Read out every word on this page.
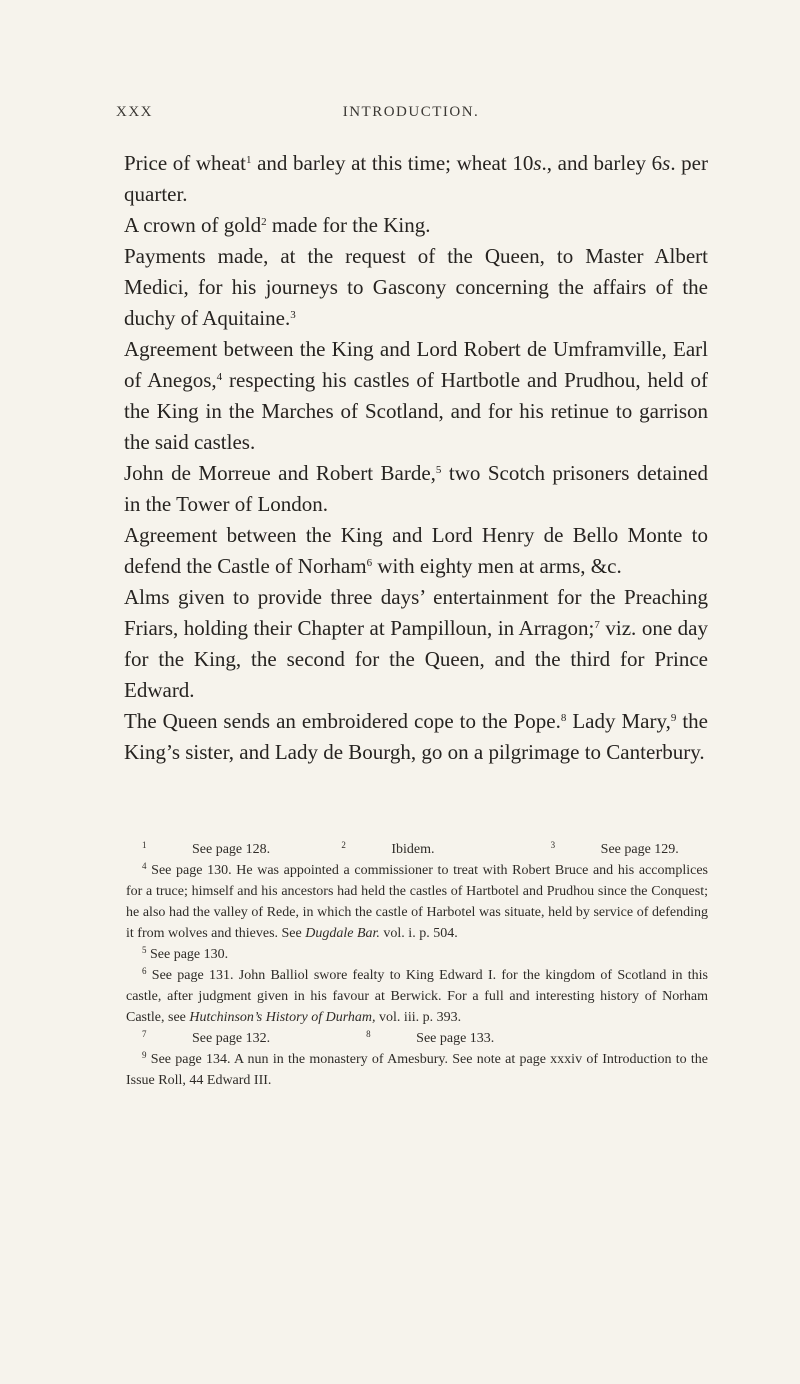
XXX	INTRODUCTION.

Price of wheat$^1$ and barley at this time; wheat 10s., and barley 6s. per quarter.

A crown of gold$^2$ made for the King.

Payments made, at the request of the Queen, to Master Albert Medici, for his journeys to Gascony concerning the affairs of the duchy of Aquitaine.$^3$

Agreement between the King and Lord Robert de Umframville, Earl of Anegos,$^4$ respecting his castles of Hartbotle and Prudhou, held of the King in the Marches of Scotland, and for his retinue to garrison the said castles.

John de Morreue and Robert Barde,$^5$ two Scotch prisoners detained in the Tower of London.

Agreement between the King and Lord Henry de Bello Monte to defend the Castle of Norham$^6$ with eighty men at arms, &c.

Alms given to provide three days’ entertainment for the Preaching Friars, holding their Chapter at Pampilloun, in Arragon;$^7$ viz. one day for the King, the second for the Queen, and the third for Prince Edward.

The Queen sends an embroidered cope to the Pope.$^8$ Lady Mary,$^9$ the King’s sister, and Lady de Bourgh, go on a pilgrimage to Canterbury.

$^1$	See page 128.	$^2$	Ibidem.	$^3$	See page 129.

$^4$ See page 130. He was appointed a commissioner to treat with Robert Bruce and his accomplices for a truce; himself and his ancestors had held the castles of Hartbotel and Prudhou since the Conquest; he also had the valley of Rede, in which the castle of Harbotel was situate, held by service of defending it from wolves and thieves. See Dugdale Bar. vol. i. p. 504.

$^5$ See page 130.

$^6$ See page 131. John Balliol swore fealty to King Edward I. for the kingdom of Scotland in this castle, after judgment given in his favour at Berwick. For a full and interesting history of Norham Castle, see Hutchinson’s History of Durham, vol. iii. p. 393.

$^7$	See page 132.	$^8$	See page 133.

$^9$ See page 134. A nun in the monastery of Amesbury. See note at page xxxiv of Introduction to the Issue Roll, 44 Edward III.
